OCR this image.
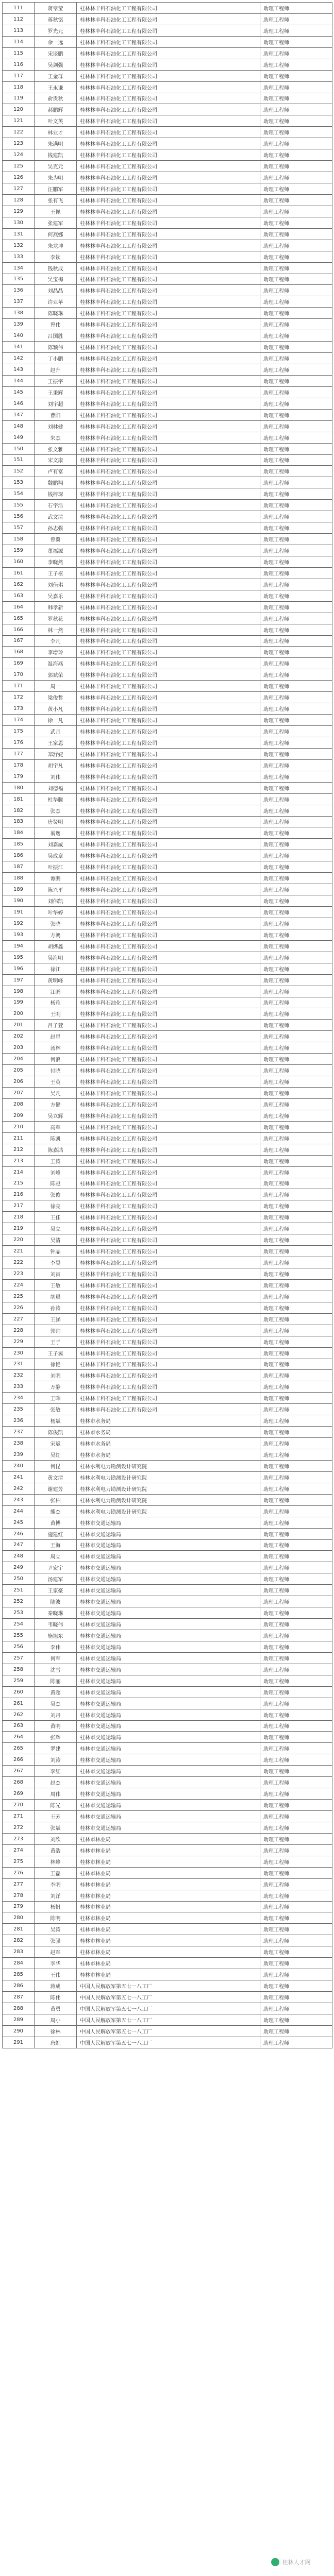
111	蒋章莹	桂林林丰科石油化工工程有限公司	助理工程师
112	蒋秋铭	桂林林丰科石油化工工程有限公司	助理工程师
113	罗光元	桂林林丰科石油化工工程有限公司	助理工程师
114	余一远	桂林林丰科石油化工工程有限公司	助理工程师
115	宋谈鹏	桂林林丰科石油化工工程有限公司	助理工程师
116	吴剑强	桂林林丰科石油化工工程有限公司	助理工程师
117	王金群	桂林林丰科石油化工工程有限公司	助理工程师
118	王永谦	桂林林丰科石油化工工程有限公司	助理工程师
119	俞贵秋	桂林林丰科石油化工工程有限公司	助理工程师
120	郝鹏辉	桂林林丰科石油化工工程有限公司	助理工程师
121	叶文英	桂林林丰科石油化工工程有限公司	助理工程师
122	林业才	桂林林丰科石油化工工程有限公司	助理工程师
123	朱满明	桂林林丰科石油化工工程有限公司	助理工程师
124	钱建凯	桂林林丰科石油化工工程有限公司	助理工程师
125	吴克元	桂林林丰科石油化工工程有限公司	助理工程师
126	朱为明	桂林林丰科石油化工工程有限公司	助理工程师
127	汪鹏军	桂林林丰科石油化工工程有限公司	助理工程师
128	张有飞	桂林林丰科石油化工工程有限公司	助理工程师
129	王佩	桂林林丰科石油化工工程有限公司	助理工程师
130	张建军	桂林林丰科石油化工工程有限公司	助理工程师
131	何燕娜	桂林林丰科石油化工工程有限公司	助理工程师
132	朱龙坤	桂林林丰科石油化工工程有限公司	助理工程师
133	李钦	桂林林丰科石油化工工程有限公司	助理工程师
134	钱秋成	桂林林丰科石油化工工程有限公司	助理工程师
135	吴宝梅	桂林林丰科石油化工工程有限公司	助理工程师
136	刘晶晶	桂林林丰科石油化工工程有限公司	助理工程师
137	许亚苹	桂林林丰科石油化工工程有限公司	助理工程师
138	陈晓琳	桂林林丰科石油化工工程有限公司	助理工程师
139	曾伟	桂林林丰科石油化工工程有限公司	助理工程师
140	吕国胜	桂林林丰科石油化工工程有限公司	助理工程师
141	陈颖伟	桂林林丰科石油化工工程有限公司	助理工程师
142	丁小鹏	桂林林丰科石油化工工程有限公司	助理工程师
143	赵升	桂林林丰科石油化工工程有限公司	助理工程师
144	王振宇	桂林林丰科石油化工工程有限公司	助理工程师
145	王秉辉	桂林林丰科石油化工工程有限公司	助理工程师
146	刘宇超	桂林林丰科石油化工工程有限公司	助理工程师
147	曹阳	桂林林丰科石油化工工程有限公司	助理工程师
148	刘林健	桂林林丰科石油化工工程有限公司	助理工程师
149	朱杰	桂林林丰科石油化工工程有限公司	助理工程师
150	张文雅	桂林林丰科石油化工工程有限公司	助理工程师
151	宋文康	桂林林丰科石油化工工程有限公司	助理工程师
152	卢有富	桂林林丰科石油化工工程有限公司	助理工程师
153	魏鹏翔	桂林林丰科石油化工工程有限公司	助理工程师
154	钱梓琛	桂林林丰科石油化工工程有限公司	助理工程师
155	石宇浩	桂林林丰科石油化工工程有限公司	助理工程师
156	武文清	桂林林丰科石油化工工程有限公司	助理工程师
157	孙志强	桂林林丰科石油化工工程有限公司	助理工程师
158	曾翼	桂林林丰科石油化工工程有限公司	助理工程师
159	董福源	桂林林丰科石油化工工程有限公司	助理工程师
160	李晓然	桂林林丰科石油化工工程有限公司	助理工程师
161	王子枢	桂林林丰科石油化工工程有限公司	助理工程师
162	刘佳琪	桂林林丰科石油化工工程有限公司	助理工程师
163	吴嘉乐	桂林林丰科石油化工工程有限公司	助理工程师
164	韩孝新	桂林林丰科石油化工工程有限公司	助理工程师
165	罗秋花	桂林林丰科石油化工工程有限公司	助理工程师
166	林一然	桂林林丰科石油化工工程有限公司	助理工程师
167	李凡	桂林林丰科石油化工工程有限公司	助理工程师
168	李增玲	桂林林丰科石油化工工程有限公司	助理工程师
169	温海燕	桂林林丰科石油化工工程有限公司	助理工程师
170	郭斌荣	桂林林丰科石油化工工程有限公司	助理工程师
171	周一	桂林林丰科石油化工工程有限公司	助理工程师
172	梁俊哲	桂林林丰科石油化工工程有限公司	助理工程师
173	黄小凡	桂林林丰科石油化工工程有限公司	助理工程师
174	徐一凡	桂林林丰科石油化工工程有限公司	助理工程师
175	武月	桂林林丰科石油化工工程有限公司	助理工程师
176	王家恩	桂林林丰科石油化工工程有限公司	助理工程师
177	郑舒婕	桂林林丰科石油化工工程有限公司	助理工程师
178	胡宇凡	桂林林丰科石油化工工程有限公司	助理工程师
179	刘伟	桂林林丰科石油化工工程有限公司	助理工程师
180	刘德福	桂林林丰科石油化工工程有限公司	助理工程师
181	杜华腾	桂林林丰科石油化工工程有限公司	助理工程师
182	张杰	桂林林丰科石油化工工程有限公司	助理工程师
183	唐贤明	桂林林丰科石油化工工程有限公司	助理工程师
184	翁逸	桂林林丰科石油化工工程有限公司	助理工程师
185	刘嘉威	桂林林丰科石油化工工程有限公司	助理工程师
186	吴成章	桂林林丰科石油化工工程有限公司	助理工程师
187	叶振江	桂林林丰科石油化工工程有限公司	助理工程师
188	谭鹏	桂林林丰科石油化工工程有限公司	助理工程师
189	陈兴平	桂林林丰科石油化工工程有限公司	助理工程师
190	刘伟凯	桂林林丰科石油化工工程有限公司	助理工程师
191	叶华婷	桂林林丰科石油化工工程有限公司	助理工程师
192	张晓	桂林林丰科石油化工工程有限公司	助理工程师
193	方鸿	桂林林丰科石油化工工程有限公司	助理工程师
194	胡烨鑫	桂林林丰科石油化工工程有限公司	助理工程师
195	吴海明	桂林林丰科石油化工工程有限公司	助理工程师
196	徐江	桂林林丰科石油化工工程有限公司	助理工程师
197	黄明峰	桂林林丰科石油化工工程有限公司	助理工程师
198	江鹏	桂林林丰科石油化工工程有限公司	助理工程师
199	杨雅	桂林林丰科石油化工工程有限公司	助理工程师
200	王刚	桂林林丰科石油化工工程有限公司	助理工程师
201	吕子萱	桂林林丰科石油化工工程有限公司	助理工程师
202	赵星	桂林林丰科石油化工工程有限公司	助理工程师
203	汤林	桂林林丰科石油化工工程有限公司	助理工程师
204	何浪	桂林林丰科石油化工工程有限公司	助理工程师
205	付晓	桂林林丰科石油化工工程有限公司	助理工程师
206	王英	桂林林丰科石油化工工程有限公司	助理工程师
207	吴凡	桂林林丰科石油化工工程有限公司	助理工程师
208	方健	桂林林丰科石油化工工程有限公司	助理工程师
209	吴立辉	桂林林丰科石油化工工程有限公司	助理工程师
210	高军	桂林林丰科石油化工工程有限公司	助理工程师
211	陈凯	桂林林丰科石油化工工程有限公司	助理工程师
212	陈嘉鸿	桂林林丰科石油化工工程有限公司	助理工程师
213	王涛	桂林林丰科石油化工工程有限公司	助理工程师
214	刘峰	桂林林丰科石油化工工程有限公司	助理工程师
215	陈赵	桂林林丰科石油化工工程有限公司	助理工程师
216	张俊	桂林林丰科石油化工工程有限公司	助理工程师
217	徐亮	桂林林丰科石油化工工程有限公司	助理工程师
218	王佳	桂林林丰科石油化工工程有限公司	助理工程师
219	吴立	桂林林丰科石油化工工程有限公司	助理工程师
220	吴清	桂林林丰科石油化工工程有限公司	助理工程师
221	钟晶	桂林林丰科石油化工工程有限公司	助理工程师
222	李昊	桂林林丰科石油化工工程有限公司	助理工程师
223	刘寅	桂林林丰科石油化工工程有限公司	助理工程师
224	王敏	桂林林丰科石油化工工程有限公司	助理工程师
225	胡晨	桂林林丰科石油化工工程有限公司	助理工程师
226	孙涛	桂林林丰科石油化工工程有限公司	助理工程师
227	王涵	桂林林丰科石油化工工程有限公司	助理工程师
228	郭帅	桂林林丰科石油化工工程有限公司	助理工程师
229	王子	桂林林丰科石油化工工程有限公司	助理工程师
230	王子翼	桂林林丰科石油化工工程有限公司	助理工程师
231	徐艳	桂林林丰科石油化工工程有限公司	助理工程师
232	刘明	桂林林丰科石油化工工程有限公司	助理工程师
233	万静	桂林林丰科石油化工工程有限公司	助理工程师
234	王晖	桂林林丰科石油化工工程有限公司	助理工程师
235	张敏	桂林林丰科石油化工工程有限公司	助理工程师
236	杨斌	桂林市水务局	助理工程师
237	陈俊凯	桂林市水务局	助理工程师
238	宋斌	桂林市水务局	助理工程师
239	吴红	桂林市水务局	助理工程师
240	何昆	桂林水利电力勘测设计研究院	助理工程师
241	黄文清	桂林水利电力勘测设计研究院	助理工程师
242	谢建芳	桂林水利电力勘测设计研究院	助理工程师
243	张柏	桂林水利电力勘测设计研究院	助理工程师
244	熊杰	桂林水利电力勘测设计研究院	助理工程师
245	黄博	桂林市交通运输局	助理工程师
246	施建红	桂林市交通运输局	助理工程师
247	王海	桂林市交通运输局	助理工程师
248	周立	桂林市交通运输局	助理工程师
249	尹宏宇	桂林市交通运输局	助理工程师
250	汤建军	桂林市交通运输局	助理工程师
251	王家豪	桂林市交通运输局	助理工程师
252	陆波	桂林市交通运输局	助理工程师
253	秦晓琳	桂林市交通运输局	助理工程师
254	韦晓伟	桂林市交通运输局	助理工程师
255	施旭东	桂林市交通运输局	助理工程师
256	李伟	桂林市交通运输局	助理工程师
257	何军	桂林市交通运输局	助理工程师
258	沈雪	桂林市交通运输局	助理工程师
259	陈丽	桂林市交通运输局	助理工程师
260	黄超	桂林市交通运输局	助理工程师
261	吴杰	桂林市交通运输局	助理工程师
262	刘丹	桂林市交通运输局	助理工程师
263	黄明	桂林市交通运输局	助理工程师
264	张辉	桂林市交通运输局	助理工程师
265	罗建	桂林市交通运输局	助理工程师
266	刘涛	桂林市交通运输局	助理工程师
267	李红	桂林市交通运输局	助理工程师
268	赵杰	桂林市交通运输局	助理工程师
269	周伟	桂林市交通运输局	助理工程师
270	陈光	桂林市交通运输局	助理工程师
271	王芳	桂林市交通运输局	助理工程师
272	张斌	桂林市交通运输局	助理工程师
273	刘欣	桂林市林业局	助理工程师
274	黄浩	桂林市林业局	助理工程师
275	林峰	桂林市林业局	助理工程师
276	王磊	桂林市林业局	助理工程师
277	李明	桂林市林业局	助理工程师
278	刘洋	桂林市林业局	助理工程师
279	杨帆	桂林市林业局	助理工程师
280	陈明	桂林市林业局	助理工程师
281	吴涛	桂林市林业局	助理工程师
282	张强	桂林市林业局	助理工程师
283	赵军	桂林市林业局	助理工程师
284	李华	桂林市林业局	助理工程师
285	王伟	桂林市林业局	助理工程师
286	蒋成	中国人民解放军第五七一八工厂	助理工程师
287	陈伟	中国人民解放军第五七一八工厂	助理工程师
288	黄勇	中国人民解放军第五七一八工厂	助理工程师
289	周小	中国人民解放军第五七一八工厂	助理工程师
290	徐林	中国人民解放军第五七一八工厂	助理工程师
291	唐虹	中国人民解放军第五七一八工厂	助理工程师
桂林人才网
